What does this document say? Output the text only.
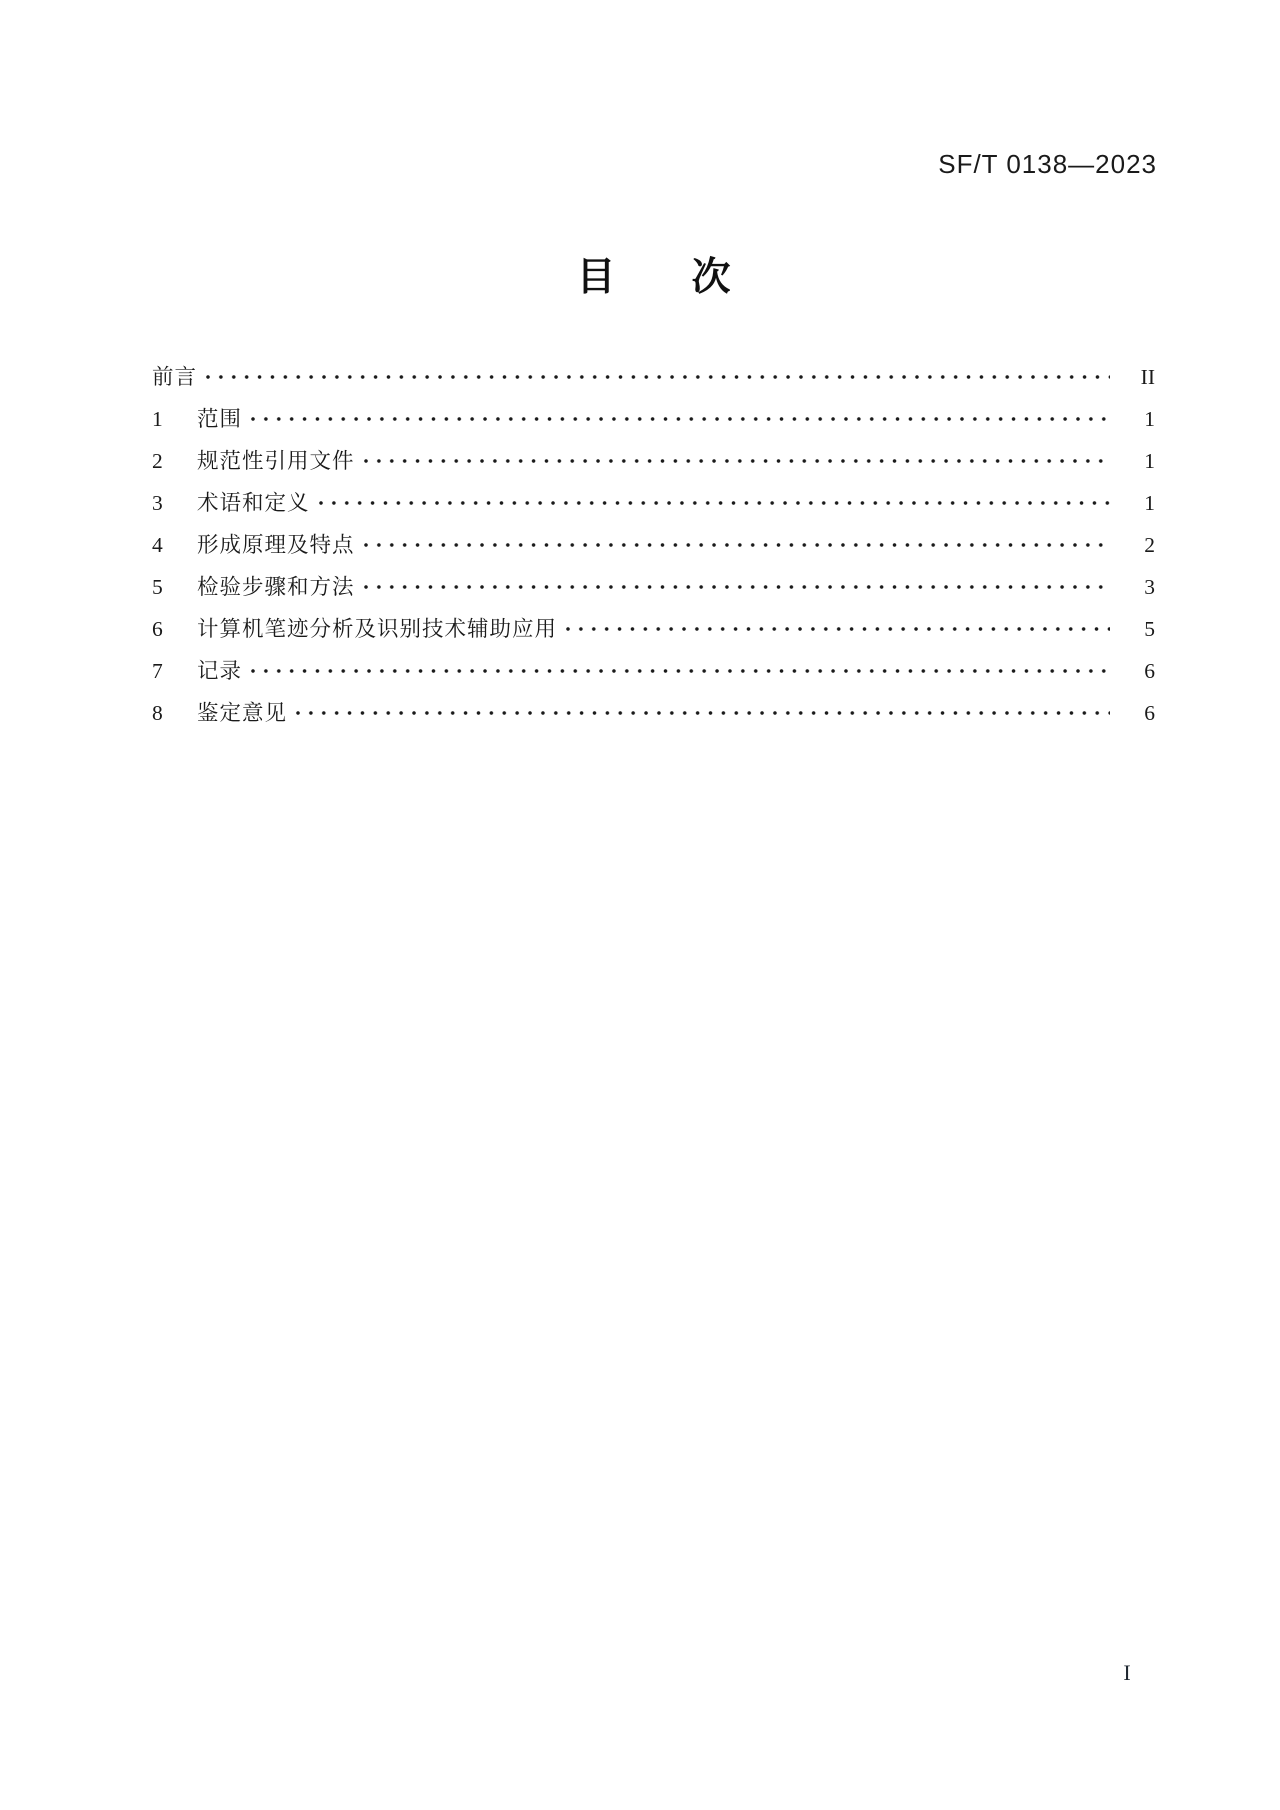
SF/T 0138—2023
目 次
前言	II
1	范围	1
2	规范性引用文件	1
3	术语和定义	1
4	形成原理及特点	2
5	检验步骤和方法	3
6	计算机笔迹分析及识别技术辅助应用	5
7	记录	6
8	鉴定意见	6
I
